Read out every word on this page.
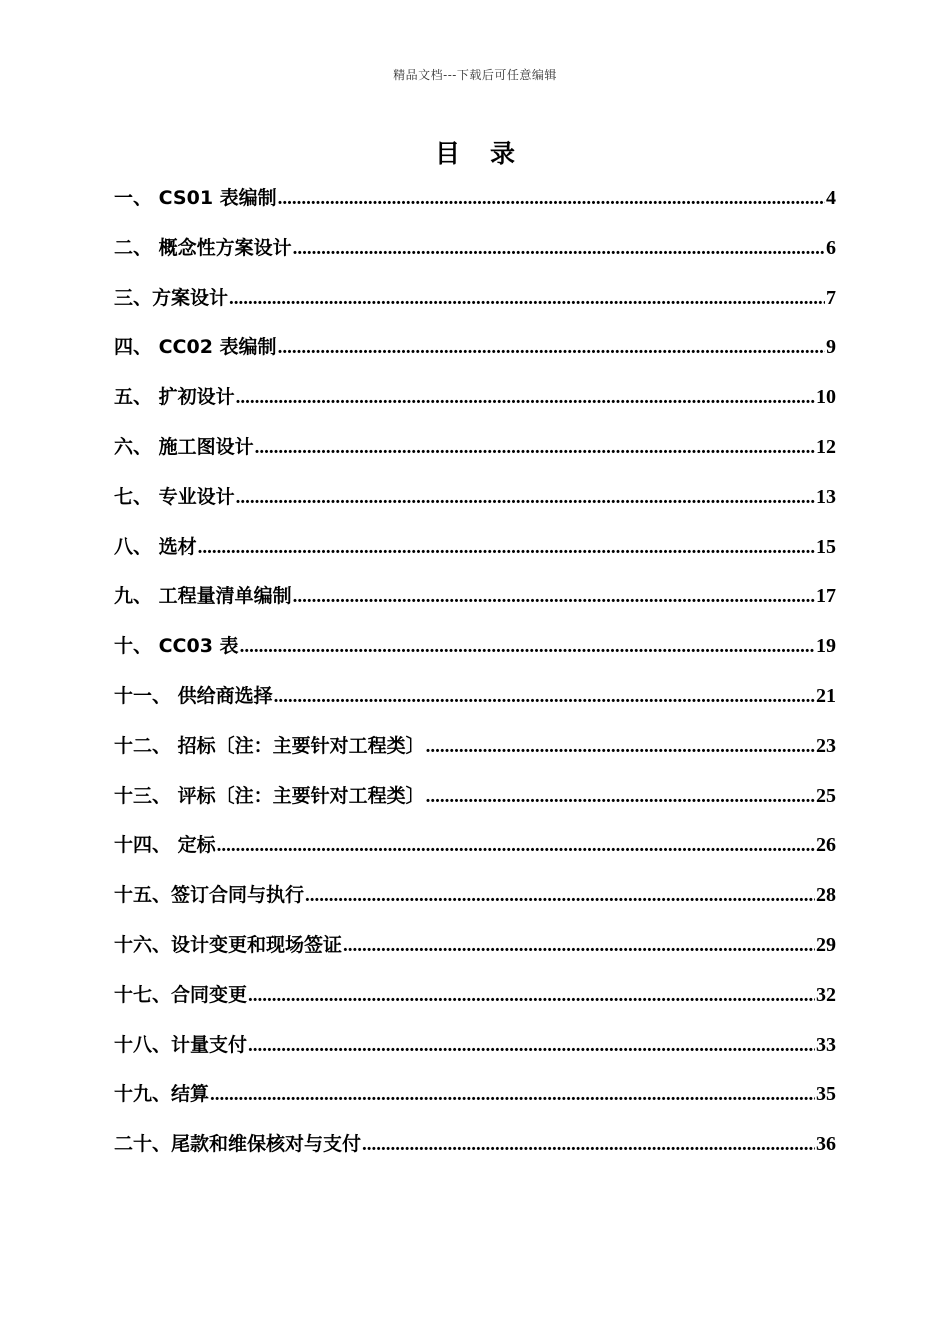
精品文档---下载后可任意编辑
目 录
一、 CS01 表编制 .....	4
二、 概念性方案设计 .....	6
三、方案设计 .....	7
四、 CC02 表编制 .....	9
五、 扩初设计 .....	10
六、 施工图设计 .....	12
七、 专业设计 .....	13
八、 选材 .....	15
九、 工程量清单编制 .....	17
十、 CC03 表 .....	19
十一、 供给商选择 .....	21
十二、 招标〔注：主要针对工程类〕 .....	23
十三、 评标〔注：主要针对工程类〕 .....	25
十四、 定标 .....	26
十五、签订合同与执行 .....	28
十六、设计变更和现场签证 .....	29
十七、合同变更 .....	32
十八、计量支付 .....	33
十九、结算 .....	35
二十、尾款和维保核对与支付 .....	36
